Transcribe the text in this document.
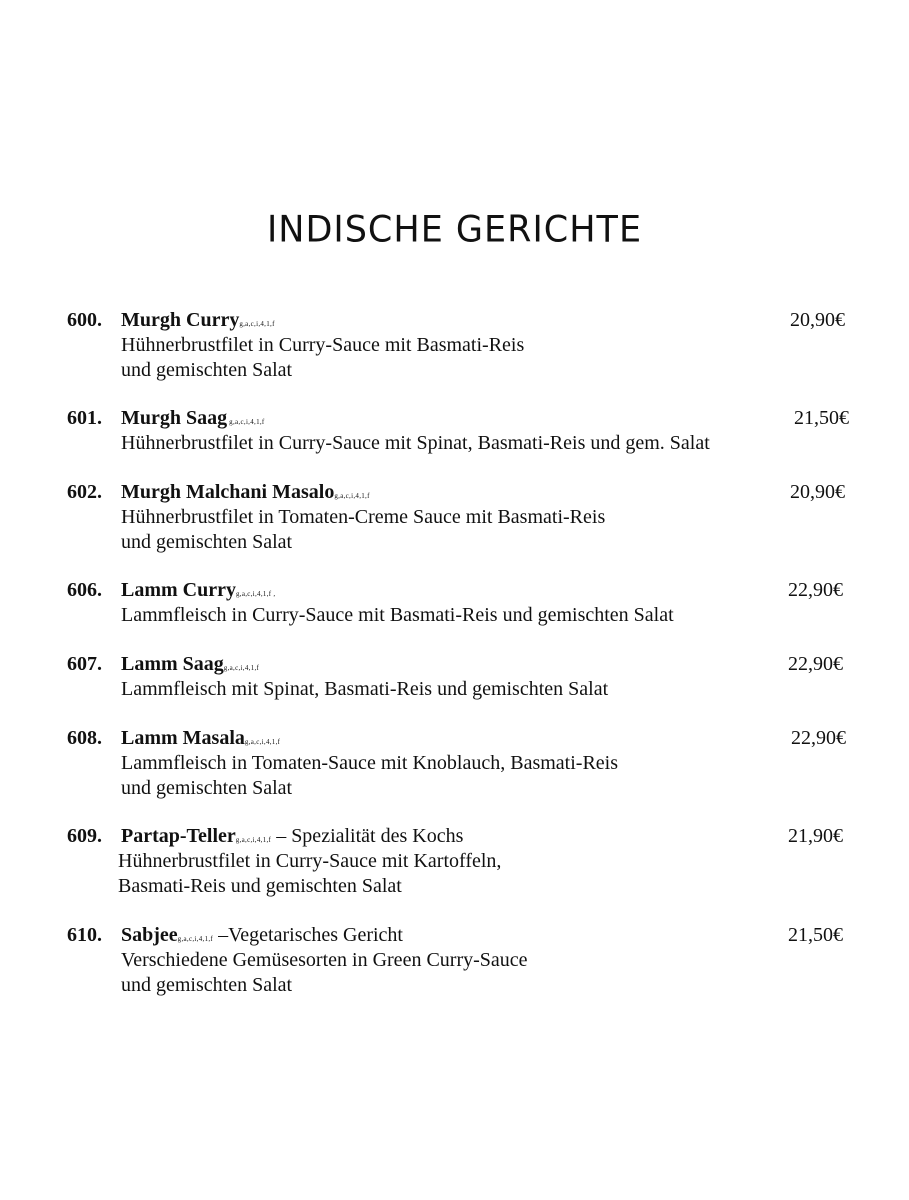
INDISCHE GERICHTE
600. Murgh Curryg,a,c,i,4,1,f	20,90€
Hühnerbrustfilet in Curry-Sauce mit Basmati-Reis
und gemischten Salat
601. Murgh Saag g,a,c,i,4,1,f	21,50€
Hühnerbrustfilet in Curry-Sauce mit Spinat, Basmati-Reis und gem. Salat
602. Murgh Malchani Masalog,a,c,i,4,1,f	20,90€
Hühnerbrustfilet in Tomaten-Creme Sauce mit Basmati-Reis
und gemischten Salat
606. Lamm Curryg,a,c,i,4,1,f ,	22,90€
Lammfleisch in Curry-Sauce mit Basmati-Reis und gemischten Salat
607. Lamm Saagg,a,c,i,4,1,f	22,90€
Lammfleisch mit Spinat, Basmati-Reis und gemischten Salat
608. Lamm Masalag,a,c,i,4,1,f	22,90€
Lammfleisch in Tomaten-Sauce mit Knoblauch, Basmati-Reis
und gemischten Salat
609. Partap-Tellerg,a,c,i,4,1,f – Spezialität des Kochs	21,90€
Hühnerbrustfilet in Curry-Sauce mit Kartoffeln,
Basmati-Reis und gemischten Salat
610. Sabjeeg,a,c,i,4,1,f –Vegetarisches Gericht	21,50€
Verschiedene Gemüsesorten in Green Curry-Sauce
und gemischten Salat
